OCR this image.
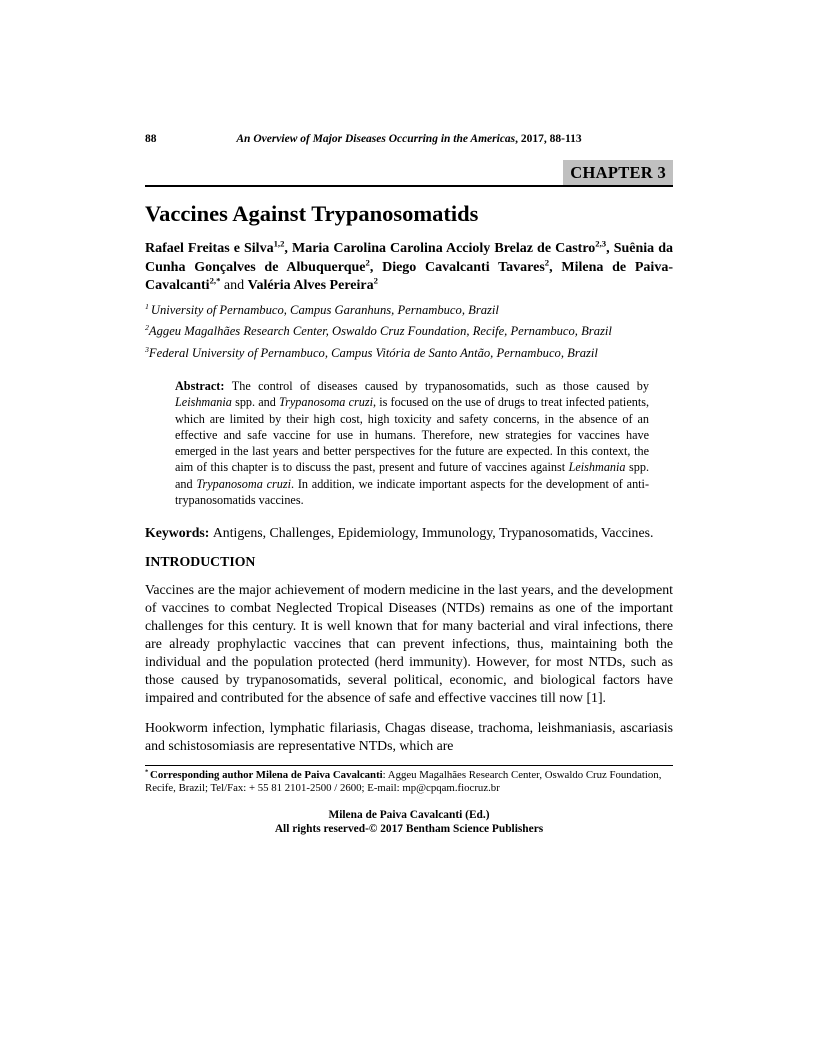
88	An Overview of Major Diseases Occurring in the Americas, 2017, 88-113
CHAPTER 3
Vaccines Against Trypanosomatids

Rafael Freitas e Silva$^{1,2}$, Maria Carolina Carolina Accioly Brelaz de Castro$^{2,3}$, Suênia da Cunha Gonçalves de Albuquerque$^2$, Diego Cavalcanti Tavares$^2$, Milena de Paiva-Cavalcanti$^{2,*}$ and Valéria Alves Pereira$^2$

$^1$ University of Pernambuco, Campus Garanhuns, Pernambuco, Brazil

$^2$Aggeu Magalhães Research Center, Oswaldo Cruz Foundation, Recife, Pernambuco, Brazil

$^3$Federal University of Pernambuco, Campus Vitória de Santo Antão, Pernambuco, Brazil

Abstract: The control of diseases caused by trypanosomatids, such as those caused by Leishmania spp. and Trypanosoma cruzi, is focused on the use of drugs to treat infected patients, which are limited by their high cost, high toxicity and safety concerns, in the absence of an effective and safe vaccine for use in humans. Therefore, new strategies for vaccines have emerged in the last years and better perspectives for the future are expected. In this context, the aim of this chapter is to discuss the past, present and future of vaccines against Leishmania spp. and Trypanosoma cruzi. In addition, we indicate important aspects for the development of anti-trypanosomatids vaccines.

Keywords: Antigens, Challenges, Epidemiology, Immunology, Trypanosomatids, Vaccines.

INTRODUCTION

Vaccines are the major achievement of modern medicine in the last years, and the development of vaccines to combat Neglected Tropical Diseases (NTDs) remains as one of the important challenges for this century. It is well known that for many bacterial and viral infections, there are already prophylactic vaccines that can prevent infections, thus, maintaining both the individual and the population protected (herd immunity). However, for most NTDs, such as those caused by trypanosomatids, several political, economic, and biological factors have impaired and contributed for the absence of safe and effective vaccines till now [1].

Hookworm infection, lymphatic filariasis, Chagas disease, trachoma, leishmaniasis, ascariasis and schistosomiasis are representative NTDs, which are

* Corresponding author Milena de Paiva Cavalcanti: Aggeu Magalhães Research Center, Oswaldo Cruz Foundation, Recife, Brazil; Tel/Fax: + 55 81 2101-2500 / 2600; E-mail: mp@cpqam.fiocruz.br

Milena de Paiva Cavalcanti (Ed.)
All rights reserved-© 2017 Bentham Science Publishers
